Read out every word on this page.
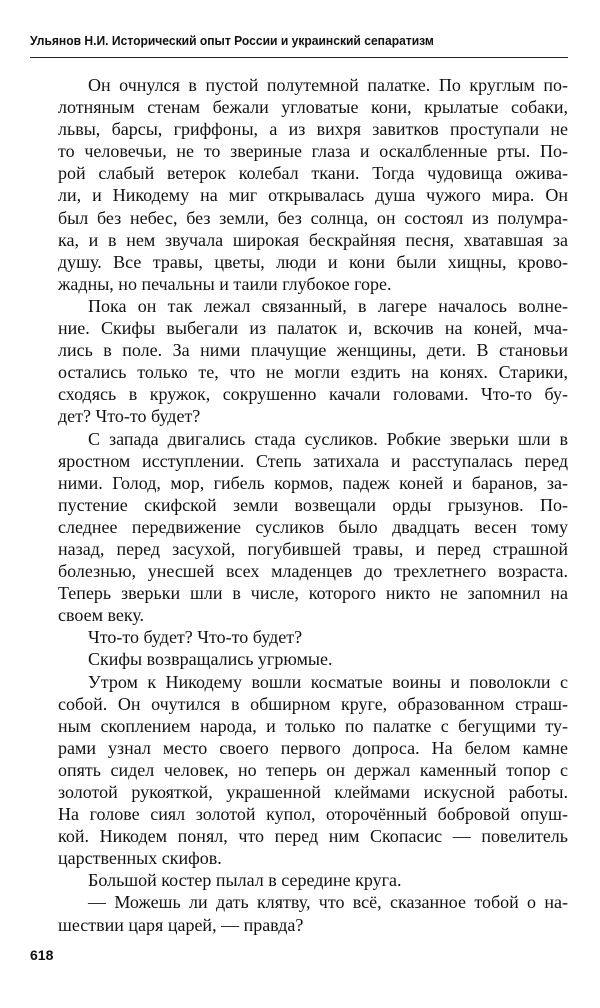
Ульянов Н.И. Исторический опыт России и украинский сепаратизм

Он очнулся в пустой полутемной палатке. По круглым по-
лотняным стенам бежали угловатые кони, крылатые собаки,
львы, барсы, гриффоны, а из вихря завитков проступали не
то человечьи, не то звериные глаза и оскалбленные рты. По-
рой слабый ветерок колебал ткани. Тогда чудовища ожива-
ли, и Никодему на миг открывалась душа чужого мира. Он
был без небес, без земли, без солнца, он состоял из полумра-
ка, и в нем звучала широкая бескрайняя песня, хватавшая за
душу. Все травы, цветы, люди и кони были хищны, крово-
жадны, но печальны и таили глубокое горе.

Пока он так лежал связанный, в лагере началось волне-
ние. Скифы выбегали из палаток и, вскочив на коней, мча-
лись в поле. За ними плачущие женщины, дети. В становьи
остались только те, что не могли ездить на конях. Старики,
сходясь в кружок, сокрушенно качали головами. Что-то бу-
дет? Что-то будет?

С запада двигались стада сусликов. Робкие зверьки шли в
яростном исступлении. Степь затихала и расступалась перед
ними. Голод, мор, гибель кормов, падеж коней и баранов, за-
пустение скифской земли возвещали орды грызунов. По-
следнее передвижение сусликов было двадцать весен тому
назад, перед засухой, погубившей травы, и перед страшной
болезнью, унесшей всех младенцев до трехлетнего возраста.
Теперь зверьки шли в числе, которого никто не запомнил на
своем веку.

Что-то будет? Что-то будет?

Скифы возвращались угрюмые.

Утром к Никодему вошли косматые воины и поволокли с
собой. Он очутился в обширном круге, образованном страш-
ным скоплением народа, и только по палатке с бегущими ту-
рами узнал место своего первого допроса. На белом камне
опять сидел человек, но теперь он держал каменный топор с
золотой рукояткой, украшенной клеймами искусной работы.
На голове сиял золотой купол, оторочённый бобровой опуш-
кой. Никодем понял, что перед ним Скопасис — повелитель
царственных скифов.

Большой костер пылал в середине круга.

— Можешь ли дать клятву, что всё, сказанное тобой о на-
шествии царя царей, — правда?

618
